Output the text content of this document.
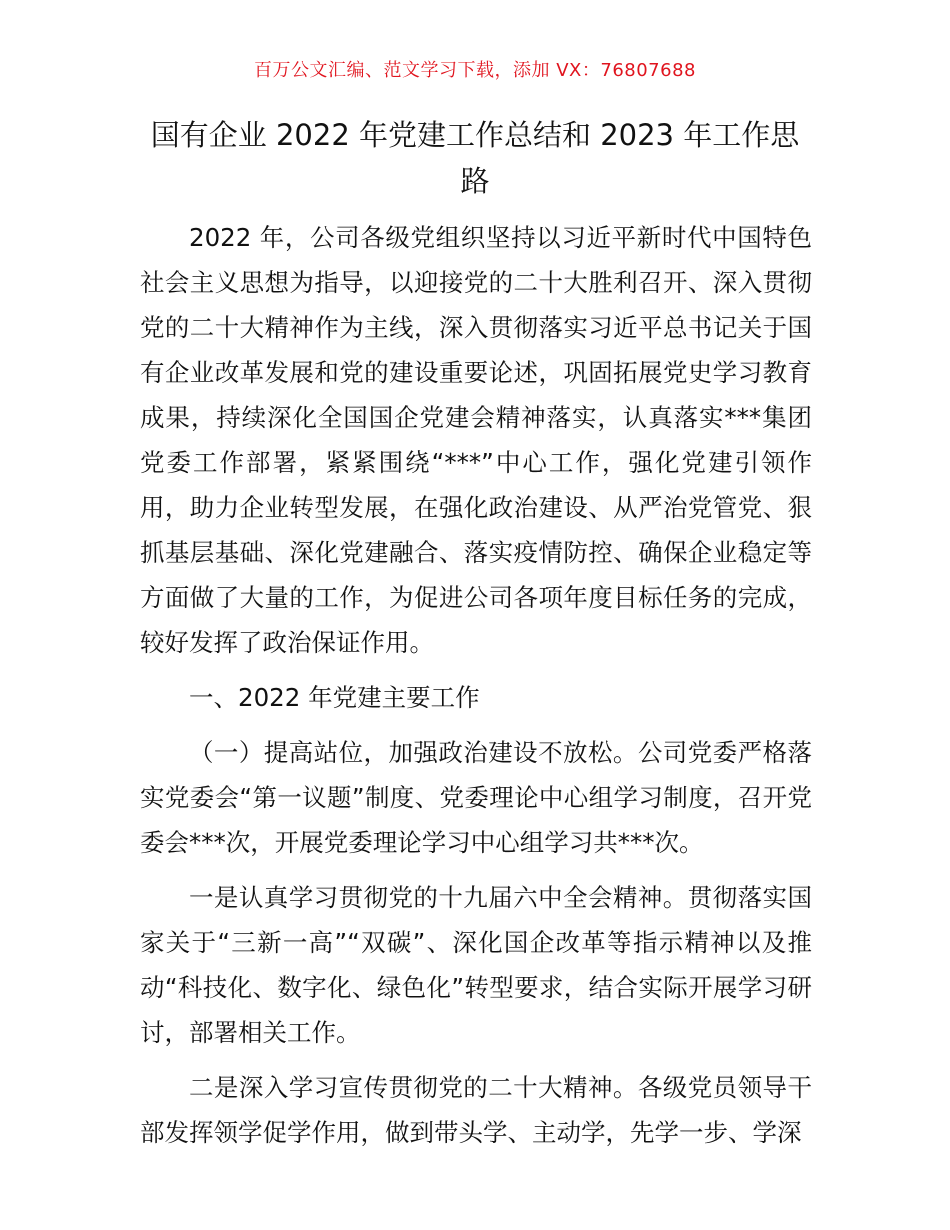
百万公文汇编、范文学习下载，添加 VX：76807688
国有企业 2022 年党建工作总结和 2023 年工作思路

2022 年，公司各级党组织坚持以习近平新时代中国特色社会主义思想为指导，以迎接党的二十大胜利召开、深入贯彻党的二十大精神作为主线，深入贯彻落实习近平总书记关于国有企业改革发展和党的建设重要论述，巩固拓展党史学习教育成果，持续深化全国国企党建会精神落实，认真落实***集团党委工作部署，紧紧围绕“***”中心工作，强化党建引领作用，助力企业转型发展，在强化政治建设、从严治党管党、狠抓基层基础、深化党建融合、落实疫情防控、确保企业稳定等方面做了大量的工作，为促进公司各项年度目标任务的完成，较好发挥了政治保证作用。

一、2022 年党建主要工作

（一）提高站位，加强政治建设不放松。公司党委严格落实党委会“第一议题”制度、党委理论中心组学习制度，召开党委会***次，开展党委理论学习中心组学习共***次。

一是认真学习贯彻党的十九届六中全会精神。贯彻落实国家关于“三新一高”“双碳”、深化国企改革等指示精神以及推动“科技化、数字化、绿色化”转型要求，结合实际开展学习研讨，部署相关工作。

二是深入学习宣传贯彻党的二十大精神。各级党员领导干部发挥领学促学作用，做到带头学、主动学，先学一步、学深
